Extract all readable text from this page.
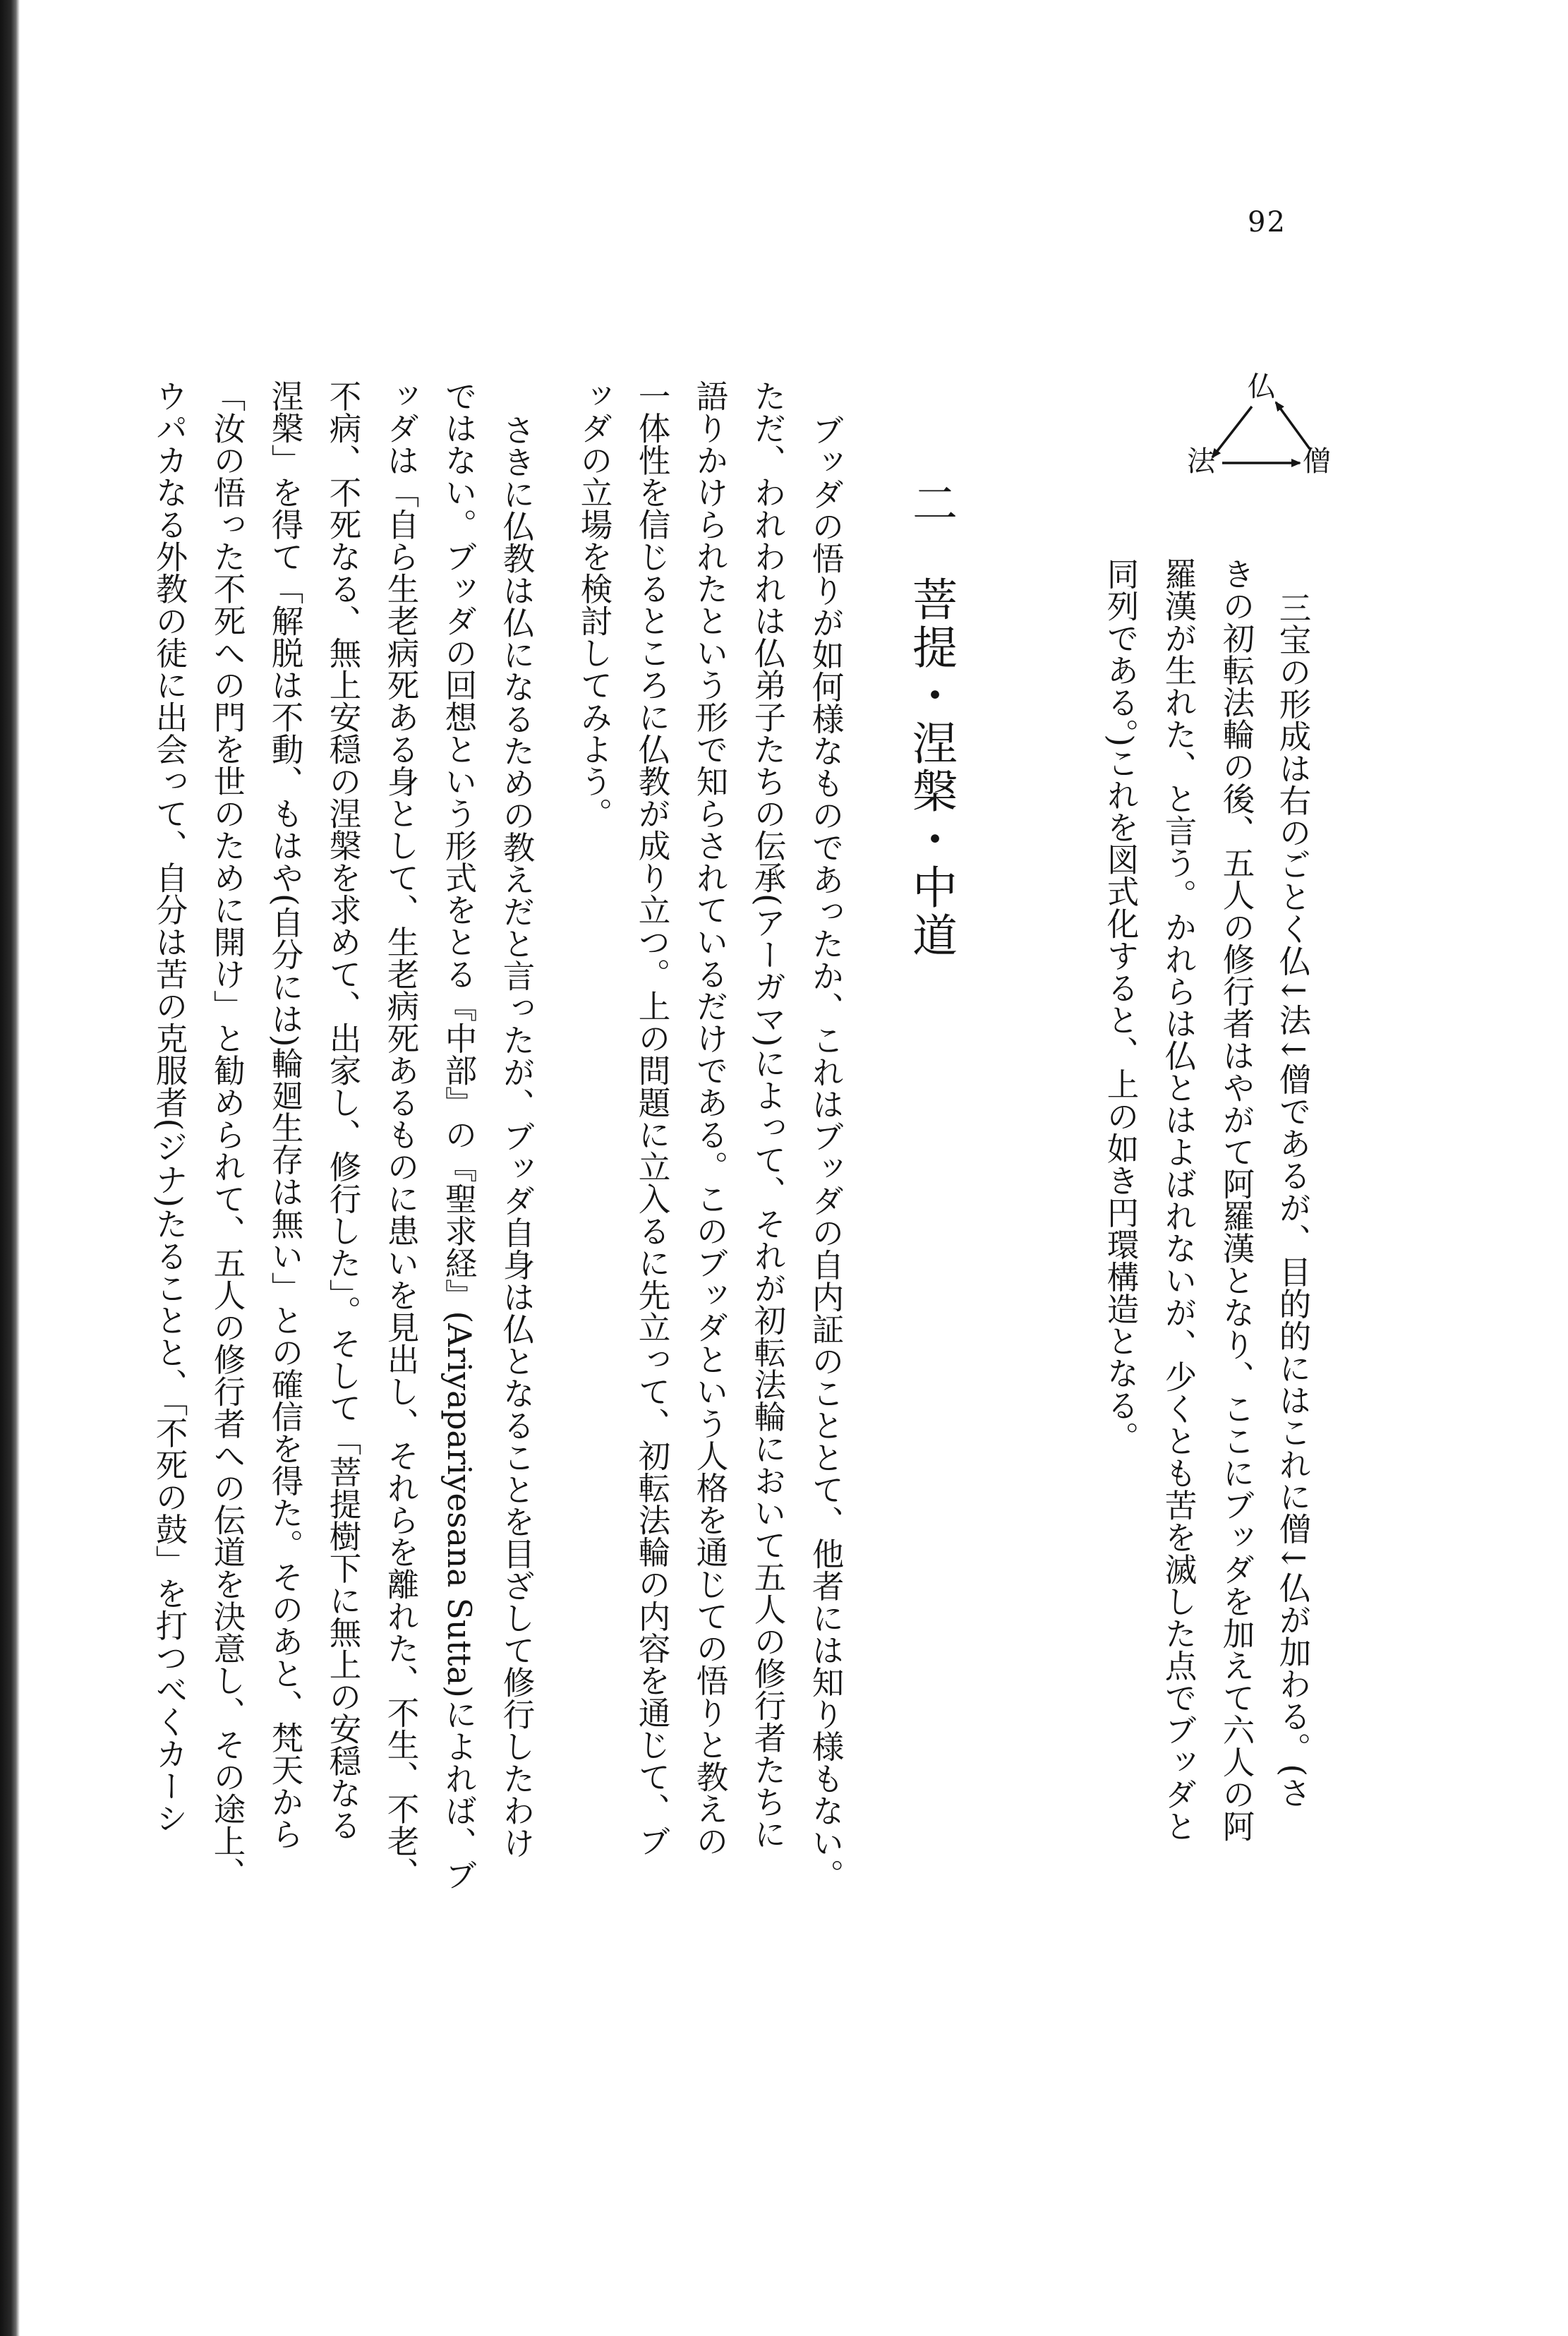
92
仏
法	僧
三宝の形成は右のごとく仏↓法↓僧であるが、目的的にはこれに僧↓仏が加わる。(さ
きの初転法輪の後、五人の修行者はやがて阿羅漢となり、ここにブッダを加えて六人の阿
羅漢が生れた、と言う。かれらは仏とはよばれないが、少くとも苦を滅した点でブッダと
同列である。)これを図式化すると、上の如き円環構造となる。
二　菩提・涅槃・中道
ブッダの悟りが如何様なものであったか、これはブッダの自内証のこととて、他者には知り様もない。
ただ、われわれは仏弟子たちの伝承(アーガマ)によって、それが初転法輪において五人の修行者たちに
語りかけられたという形で知らされているだけである。このブッダという人格を通じての悟りと教えの
一体性を信じるところに仏教が成り立つ。上の問題に立入るに先立って、初転法輪の内容を通じて、ブ
ッダの立場を検討してみよう。
さきに仏教は仏になるための教えだと言ったが、ブッダ自身は仏となることを目ざして修行したわけ
ではない。ブッダの回想という形式をとる『中部』の『聖求経』(Ariyapariyesana Sutta)によれば、ブ
ッダは「自ら生老病死ある身として、生老病死あるものに患いを見出し、それらを離れた、不生、不老、
不病、不死なる、無上安穏の涅槃を求めて、出家し、修行した」。そして「菩提樹下に無上の安穏なる
涅槃」を得て「解脱は不動、もはや(自分には)輪廻生存は無い」との確信を得た。そのあと、梵天から
「汝の悟った不死への門を世のために開け」と勧められて、五人の修行者への伝道を決意し、その途上、
ウパカなる外教の徒に出会って、自分は苦の克服者(ジナ)たることと、「不死の鼓」を打つべくカーシ
